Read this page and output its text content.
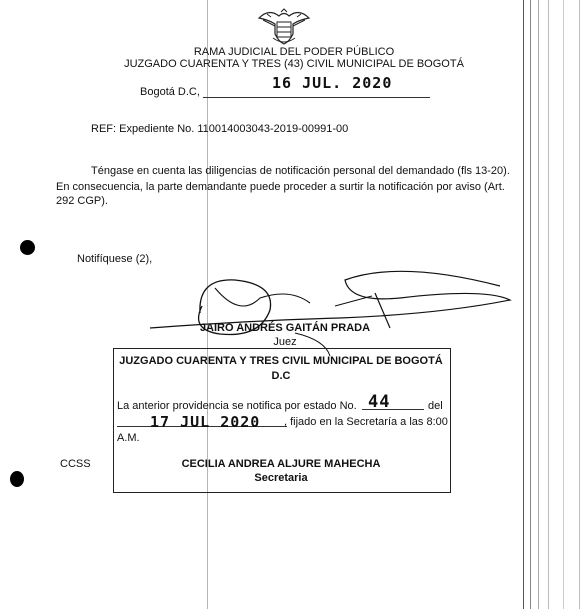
RAMA JUDICIAL DEL PODER PÚBLICO
JUZGADO CUARENTA Y TRES (43) CIVIL MUNICIPAL DE BOGOTÁ
Bogotá D.C,	16 JUL. 2020
REF: Expediente No. 110014003043-2019-00991-00
Téngase en cuenta las diligencias de notificación personal del demandado (fls 13-20).
En consecuencia, la parte demandante puede proceder a surtir la notificación por aviso (Art.
292 CGP).
Notifíquese (2),
JAIRO ANDRÉS GAITÁN PRADA
Juez
JUZGADO CUARENTA Y TRES CIVIL MUNICIPAL DE BOGOTÁ
D.C
La anterior providencia se notifica por estado No. 44	del
17 JUL 2020 , fijado en la Secretaría a las 8:00
A.M.
CCSS	CECILIA ANDREA ALJURE MAHECHA
Secretaria
